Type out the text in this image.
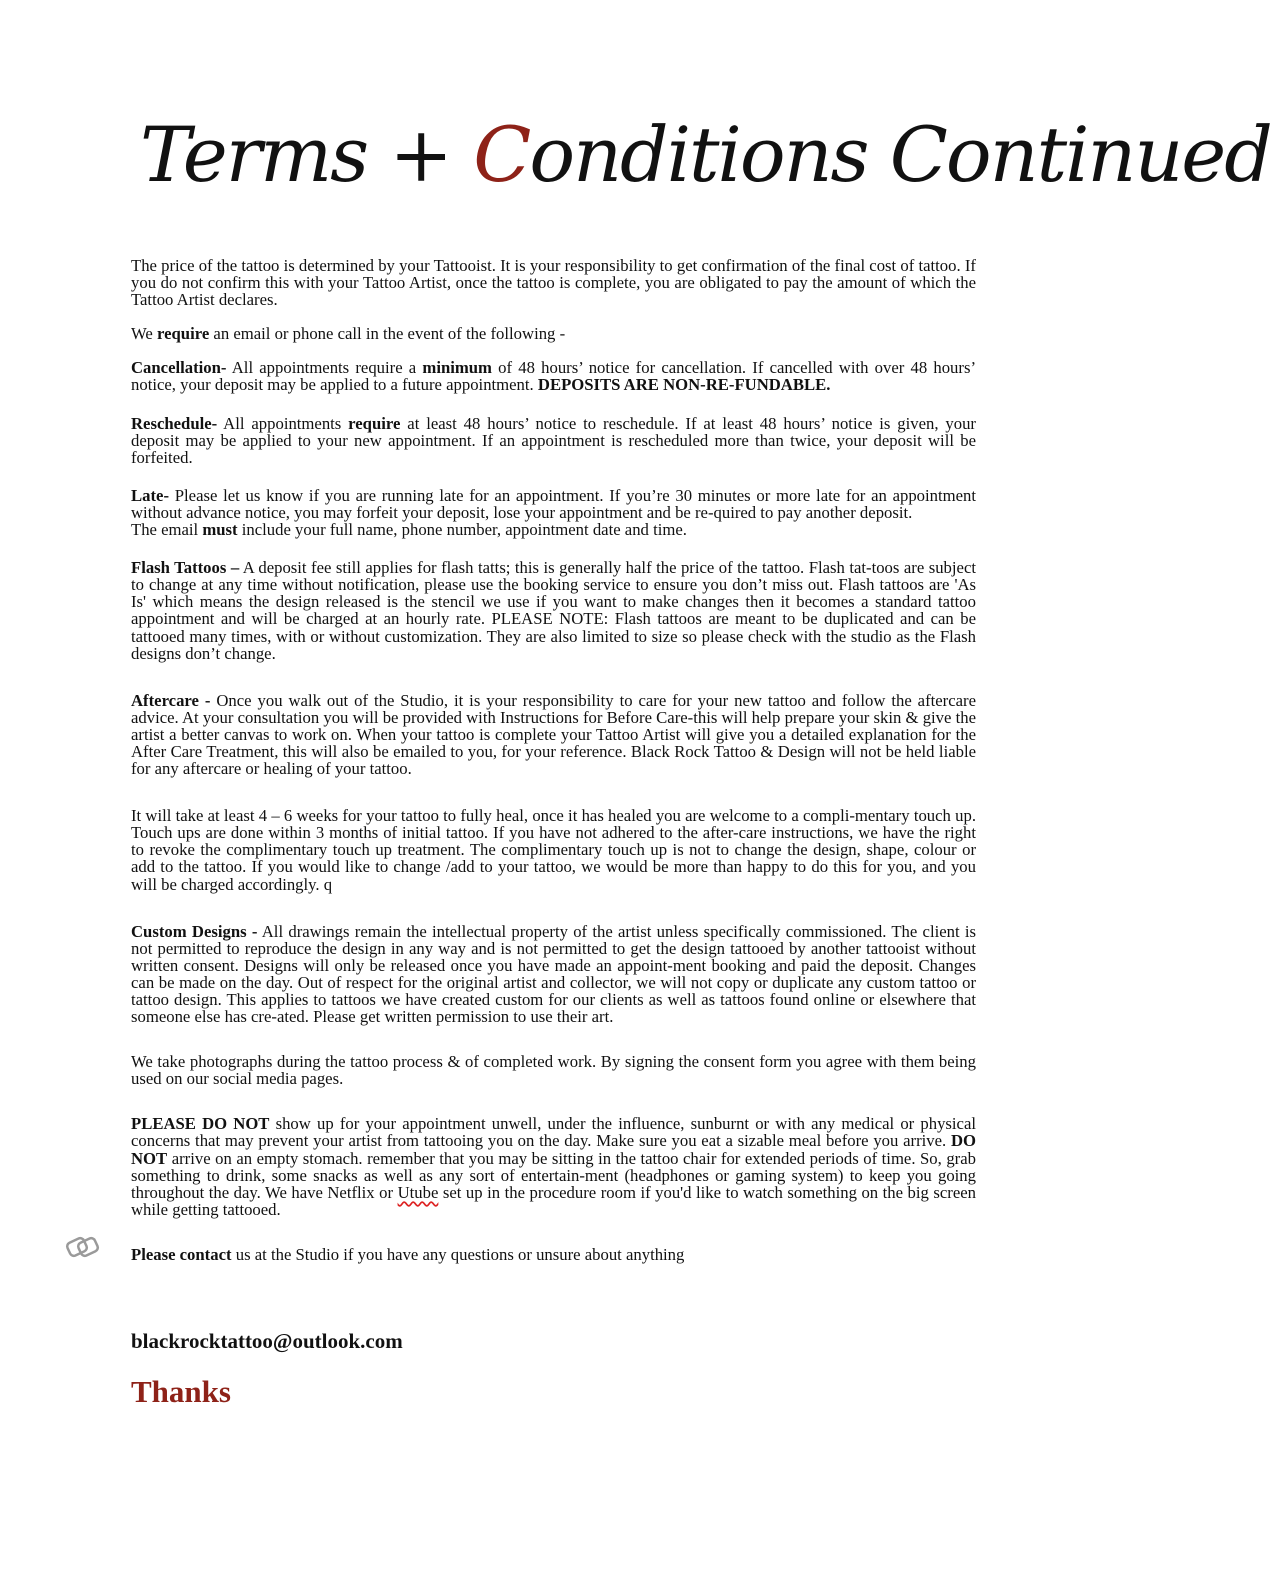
Terms + Conditions Continued

The price of the tattoo is determined by your Tattooist. It is your responsibility to get confirmation of the final cost of tattoo. If you do not confirm this with your Tattoo Artist, once the tattoo is complete, you are obligated to pay the amount of which the Tattoo Artist declares.

We require an email or phone call in the event of the following -

Cancellation- All appointments require a minimum of 48 hours’ notice for cancellation. If cancelled with over 48 hours’ notice, your deposit may be applied to a future appointment. DEPOSITS ARE NON-RE-FUNDABLE.

Reschedule- All appointments require at least 48 hours’ notice to reschedule. If at least 48 hours’ notice is given, your deposit may be applied to your new appointment. If an appointment is rescheduled more than twice, your deposit will be forfeited.

Late- Please let us know if you are running late for an appointment. If you’re 30 minutes or more late for an appointment without advance notice, you may forfeit your deposit, lose your appointment and be re-quired to pay another deposit.

The email must include your full name, phone number, appointment date and time.

Flash Tattoos – A deposit fee still applies for flash tatts; this is generally half the price of the tattoo. Flash tat-toos are subject to change at any time without notification, please use the booking service to ensure you don’t miss out. Flash tattoos are 'As Is' which means the design released is the stencil we use if you want to make changes then it becomes a standard tattoo appointment and will be charged at an hourly rate. PLEASE NOTE: Flash tattoos are meant to be duplicated and can be tattooed many times, with or without customization. They are also limited to size so please check with the studio as the Flash designs don’t change.

Aftercare - Once you walk out of the Studio, it is your responsibility to care for your new tattoo and follow the aftercare advice. At your consultation you will be provided with Instructions for Before Care-this will help prepare your skin & give the artist a better canvas to work on. When your tattoo is complete your Tattoo Artist will give you a detailed explanation for the After Care Treatment, this will also be emailed to you, for your reference. Black Rock Tattoo & Design will not be held liable for any aftercare or healing of your tattoo.

It will take at least 4 – 6 weeks for your tattoo to fully heal, once it has healed you are welcome to a compli-mentary touch up. Touch ups are done within 3 months of initial tattoo. If you have not adhered to the after-care instructions, we have the right to revoke the complimentary touch up treatment. The complimentary touch up is not to change the design, shape, colour or add to the tattoo. If you would like to change /add to your tattoo, we would be more than happy to do this for you, and you will be charged accordingly. q

Custom Designs - All drawings remain the intellectual property of the artist unless specifically commissioned. The client is not permitted to reproduce the design in any way and is not permitted to get the design tattooed by another tattooist without written consent. Designs will only be released once you have made an appoint-ment booking and paid the deposit. Changes can be made on the day. Out of respect for the original artist and collector, we will not copy or duplicate any custom tattoo or tattoo design. This applies to tattoos we have created custom for our clients as well as tattoos found online or elsewhere that someone else has cre-ated. Please get written permission to use their art.

We take photographs during the tattoo process & of completed work. By signing the consent form you agree with them being used on our social media pages.

PLEASE DO NOT show up for your appointment unwell, under the influence, sunburnt or with any medical or physical concerns that may prevent your artist from tattooing you on the day. Make sure you eat a sizable meal before you arrive. DO NOT arrive on an empty stomach. remember that you may be sitting in the tattoo chair for extended periods of time. So, grab something to drink, some snacks as well as any sort of entertain-ment (headphones or gaming system) to keep you going throughout the day. We have Netflix or Utube set up in the procedure room if you'd like to watch something on the big screen while getting tattooed.

Please contact us at the Studio if you have any questions or unsure about anything

blackrocktattoo@outlook.com
Thanks
